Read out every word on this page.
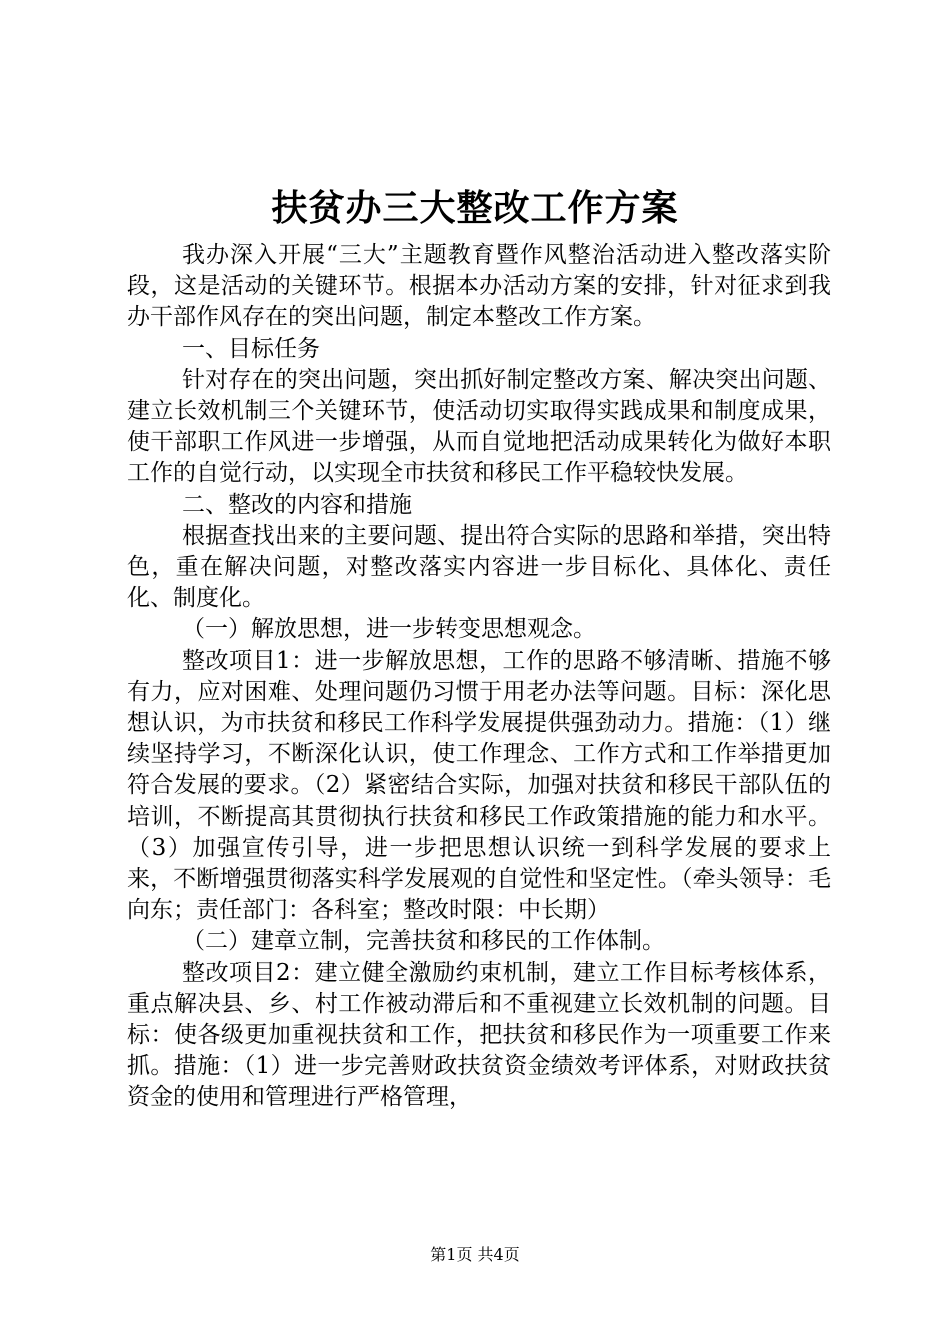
扶贫办三大整改工作方案

我办深入开展“三大”主题教育暨作风整治活动进入整改落实阶段，这是活动的关键环节。根据本办活动方案的安排，针对征求到我办干部作风存在的突出问题，制定本整改工作方案。

一、目标任务

针对存在的突出问题，突出抓好制定整改方案、解决突出问题、建立长效机制三个关键环节，使活动切实取得实践成果和制度成果，使干部职工作风进一步增强，从而自觉地把活动成果转化为做好本职工作的自觉行动，以实现全市扶贫和移民工作平稳较快发展。

二、整改的内容和措施

根据查找出来的主要问题、提出符合实际的思路和举措，突出特色，重在解决问题，对整改落实内容进一步目标化、具体化、责任化、制度化。

（一）解放思想，进一步转变思想观念。

整改项目1：进一步解放思想，工作的思路不够清晰、措施不够有力，应对困难、处理问题仍习惯于用老办法等问题。目标：深化思想认识，为市扶贫和移民工作科学发展提供强劲动力。措施：（1）继续坚持学习，不断深化认识，使工作理念、工作方式和工作举措更加符合发展的要求。（2）紧密结合实际，加强对扶贫和移民干部队伍的培训，不断提高其贯彻执行扶贫和移民工作政策措施的能力和水平。（3）加强宣传引导，进一步把思想认识统一到科学发展的要求上来，不断增强贯彻落实科学发展观的自觉性和坚定性。（牵头领导：毛向东；责任部门：各科室；整改时限：中长期）

（二）建章立制，完善扶贫和移民的工作体制。

整改项目2：建立健全激励约束机制，建立工作目标考核体系，重点解决县、乡、村工作被动滞后和不重视建立长效机制的问题。目标：使各级更加重视扶贫和工作，把扶贫和移民作为一项重要工作来抓。措施：（1）进一步完善财政扶贫资金绩效考评体系，对财政扶贫资金的使用和管理进行严格管理，

第1页 共4页
